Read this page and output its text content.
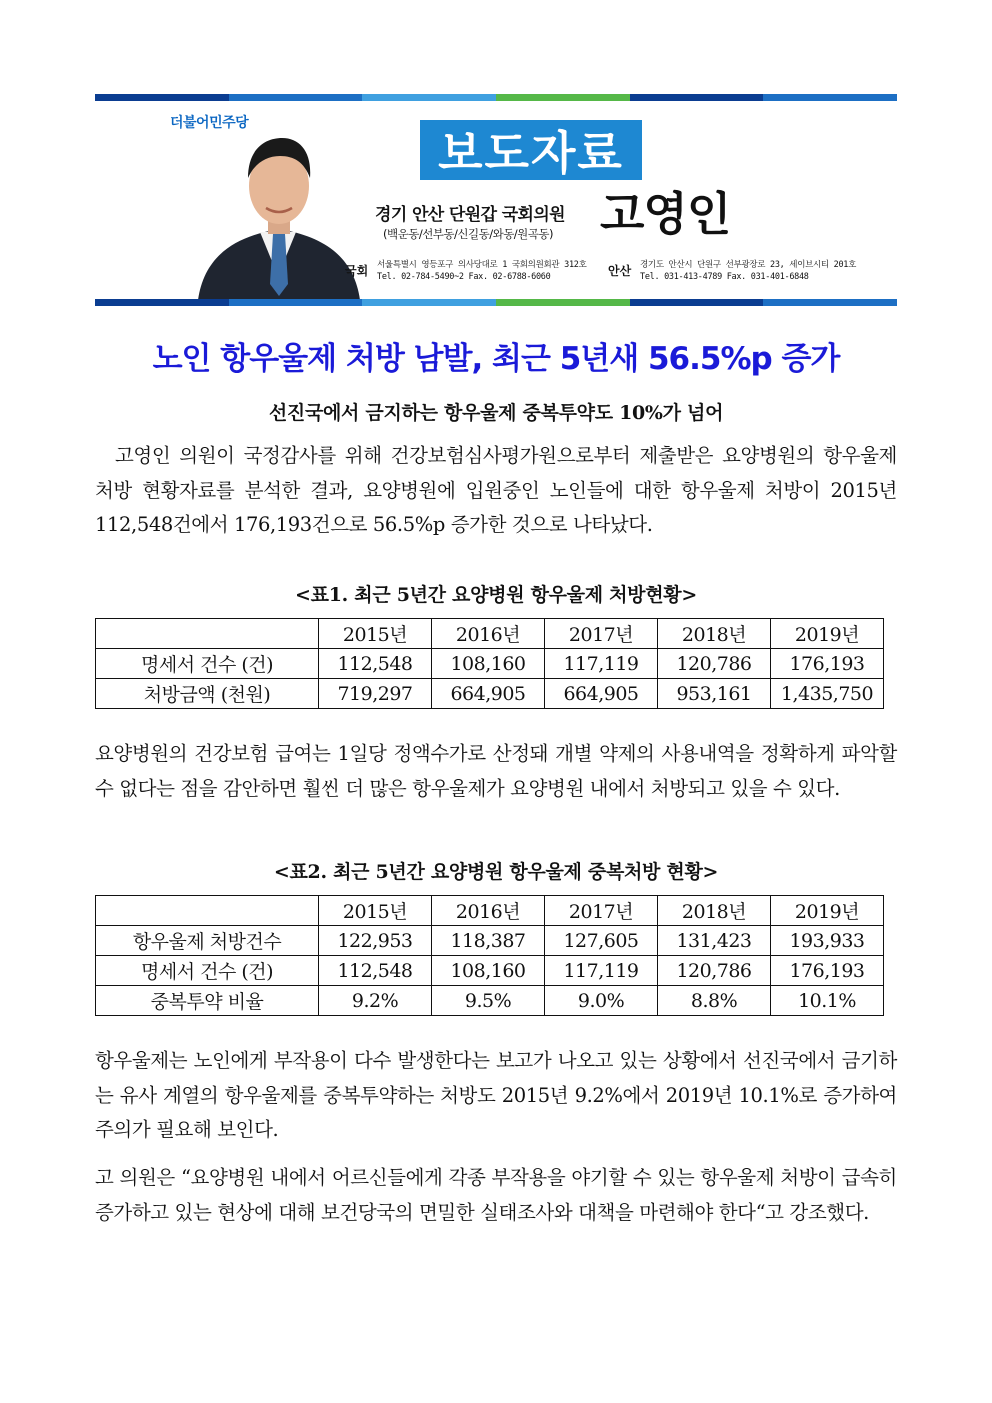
더불어민주당
보도자료
경기 안산 단원갑 국회의원
(백운동/선부동/신길동/와동/원곡동) 고영인
국회 서울특별시 영등포구 의사당대로 1 국회의원회관 312호
Tel. 02-784-5490~2 Fax. 02-6788-6060	안산 경기도 안산시 단원구 선부광장로 23, 세이브시티 201호
Tel. 031-413-4789 Fax. 031-401-6848
노인 항우울제 처방 남발, 최근 5년새 56.5%p 증가
선진국에서 금지하는 항우울제 중복투약도 10%가 넘어

고영인 의원이 국정감사를 위해 건강보험심사평가원으로부터 제출받은 요양병원의 항우울제 처방 현황자료를 분석한 결과, 요양병원에 입원중인 노인들에 대한 항우울제 처방이 2015년 112,548건에서 176,193건으로 56.5%p 증가한 것으로 나타났다.

<표1. 최근 5년간 요양병원 항우울제 처방현황>
	2015년	2016년	2017년	2018년	2019년
명세서 건수 (건)	112,548	108,160	117,119	120,786	176,193
처방금액 (천원)	719,297	664,905	664,905	953,161	1,435,750

요양병원의 건강보험 급여는 1일당 정액수가로 산정돼 개별 약제의 사용내역을 정확하게 파악할 수 없다는 점을 감안하면 훨씬 더 많은 항우울제가 요양병원 내에서 처방되고 있을 수 있다.

<표2. 최근 5년간 요양병원 항우울제 중복처방 현황>
	2015년	2016년	2017년	2018년	2019년
항우울제 처방건수	122,953	118,387	127,605	131,423	193,933
명세서 건수 (건)	112,548	108,160	117,119	120,786	176,193
중복투약 비율	9.2%	9.5%	9.0%	8.8%	10.1%

항우울제는 노인에게 부작용이 다수 발생한다는 보고가 나오고 있는 상황에서 선진국에서 금기하는 유사 계열의 항우울제를 중복투약하는 처방도 2015년 9.2%에서 2019년 10.1%로 증가하여 주의가 필요해 보인다.

고 의원은 “요양병원 내에서 어르신들에게 각종 부작용을 야기할 수 있는 항우울제 처방이 급속히 증가하고 있는 현상에 대해 보건당국의 면밀한 실태조사와 대책을 마련해야 한다“고 강조했다.
